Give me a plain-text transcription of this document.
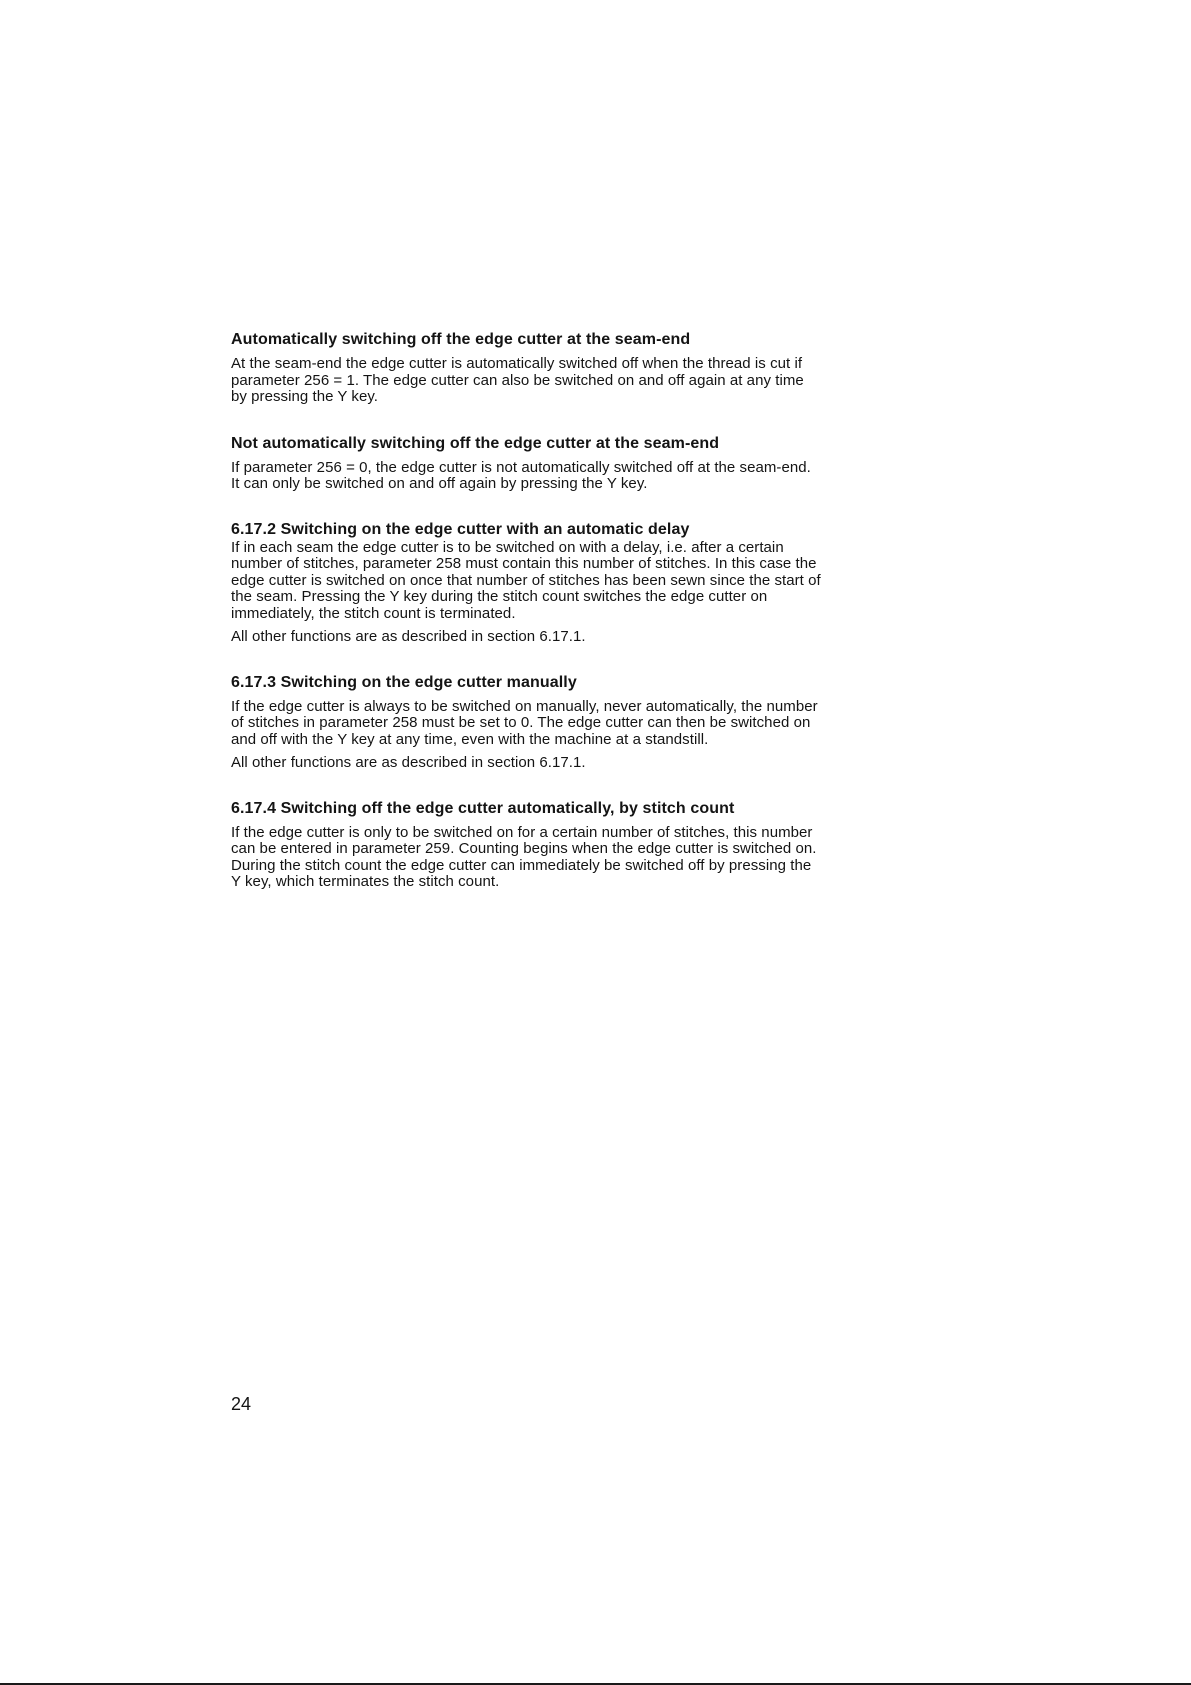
Automatically switching off the edge cutter at the seam-end

At the seam-end the edge cutter is automatically switched off when the thread is cut if
parameter 256 = 1. The edge cutter can also be switched on and off again at any time
by pressing the Y key.

Not automatically switching off the edge cutter at the seam-end

If parameter 256 = 0, the edge cutter is not automatically switched off at the seam-end.
It can only be switched on and off again by pressing the Y key.

6.17.2 Switching on the edge cutter with an automatic delay

If in each seam the edge cutter is to be switched on with a delay, i.e. after a certain
number of stitches, parameter 258 must contain this number of stitches. In this case the
edge cutter is switched on once that number of stitches has been sewn since the start of
the seam. Pressing the Y key during the stitch count switches the edge cutter on
immediately, the stitch count is terminated.

All other functions are as described in section 6.17.1.

6.17.3 Switching on the edge cutter manually

If the edge cutter is always to be switched on manually, never automatically, the number
of stitches in parameter 258 must be set to 0. The edge cutter can then be switched on
and off with the Y key at any time, even with the machine at a standstill.

All other functions are as described in section 6.17.1.

6.17.4 Switching off the edge cutter automatically, by stitch count

If the edge cutter is only to be switched on for a certain number of stitches, this number
can be entered in parameter 259. Counting begins when the edge cutter is switched on.
During the stitch count the edge cutter can immediately be switched off by pressing the
Y key, which terminates the stitch count.

24
